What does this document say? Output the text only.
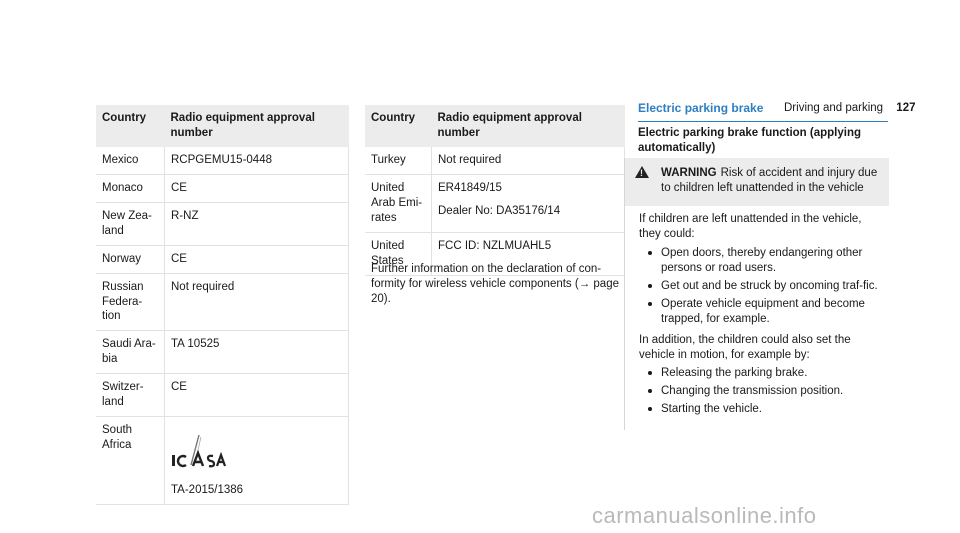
Driving and parking 127
Country	Radio equipment approval number
Mexico	RCPGEMU15-0448

Monaco	CE

New Zea-land	R-NZ

Norway	CE

Russian Federa-tion	Not required

Saudi Ara-bia	TA 10525

Switzer-land	CE

South Africa	TA-2015/1386
Country	Radio equipment approval number
Turkey	Not required

United Arab Emi-rates	ER41849/15
Dealer No: DA35176/14

United States	FCC ID: NZLMUAHL5
Further information on the declaration of con-formity for wireless vehicle components (→ page 20).
Electric parking brake
Electric parking brake function (applying automatically)
!
WARNING Risk of accident and injury due to children left unattended in the vehicle

If children are left unattended in the vehicle, they could:

Open doors, thereby endangering other persons or road users.
Get out and be struck by oncoming traf-fic.
Operate vehicle equipment and become trapped, for example.

In addition, the children could also set the vehicle in motion, for example by:

Releasing the parking brake.
Changing the transmission position.
Starting the vehicle.
carmanualsonline.info
